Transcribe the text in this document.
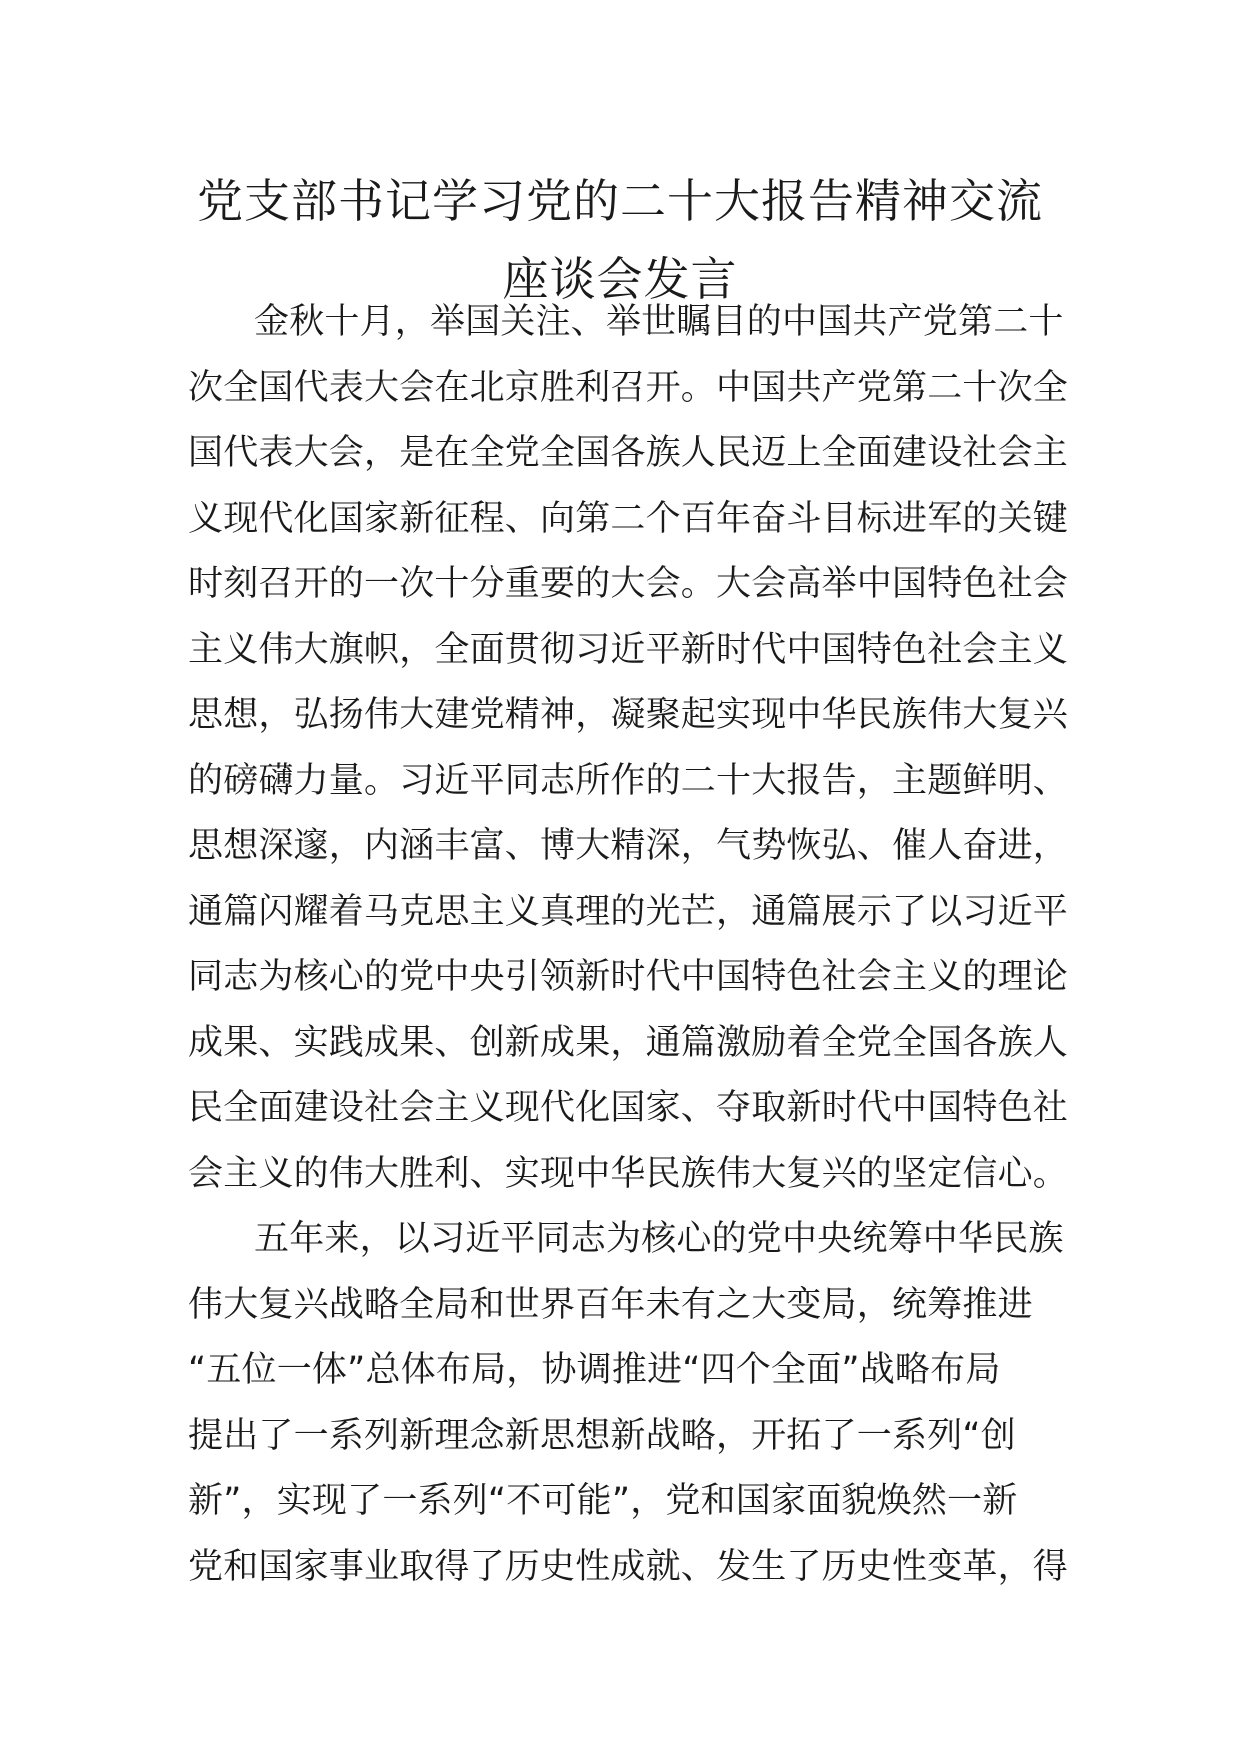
党支部书记学习党的二十大报告精神交流
座谈会发言
金秋十月，举国关注、举世瞩目的中国共产党第二十
次全国代表大会在北京胜利召开。中国共产党第二十次全
国代表大会，是在全党全国各族人民迈上全面建设社会主
义现代化国家新征程、向第二个百年奋斗目标进军的关键
时刻召开的一次十分重要的大会。大会高举中国特色社会
主义伟大旗帜，全面贯彻习近平新时代中国特色社会主义
思想，弘扬伟大建党精神，凝聚起实现中华民族伟大复兴
的磅礴力量。习近平同志所作的二十大报告，主题鲜明、
思想深邃，内涵丰富、博大精深，气势恢弘、催人奋进，
通篇闪耀着马克思主义真理的光芒，通篇展示了以习近平
同志为核心的党中央引领新时代中国特色社会主义的理论
成果、实践成果、创新成果，通篇激励着全党全国各族人
民全面建设社会主义现代化国家、夺取新时代中国特色社
会主义的伟大胜利、实现中华民族伟大复兴的坚定信心。
五年来，以习近平同志为核心的党中央统筹中华民族
伟大复兴战略全局和世界百年未有之大变局，统筹推进
“五位一体”总体布局，协调推进“四个全面”战略布局
提出了一系列新理念新思想新战略，开拓了一系列“创
新”，实现了一系列“不可能”，党和国家面貌焕然一新
党和国家事业取得了历史性成就、发生了历史性变革，得
